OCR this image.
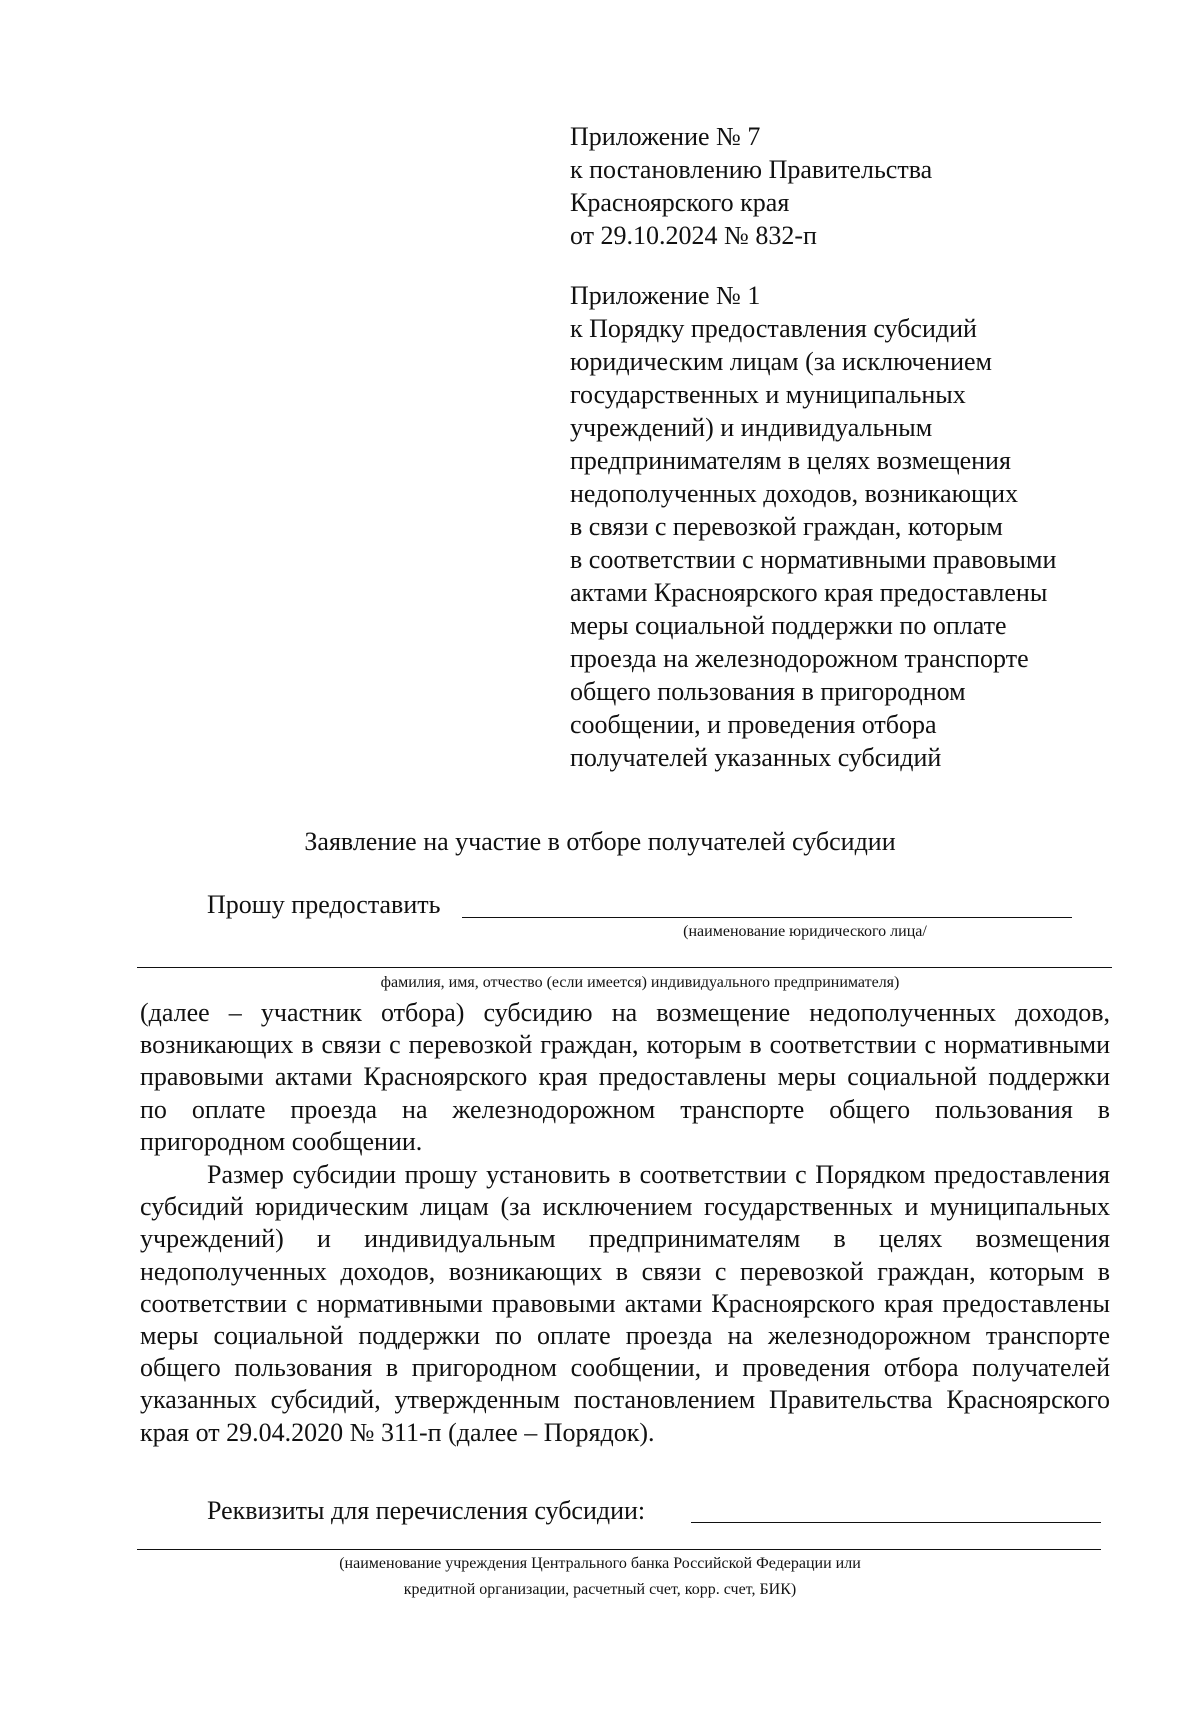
Приложение № 7

к постановлению Правительства

Красноярского края

от 29.10.2024 № 832-п

Приложение № 1

к Порядку предоставления субсидий

юридическим лицам (за исключением

государственных и муниципальных

учреждений) и индивидуальным

предпринимателям в целях возмещения

недополученных доходов, возникающих

в связи с перевозкой граждан, которым

в соответствии с нормативными правовыми

актами Красноярского края предоставлены

меры социальной поддержки по оплате

проезда на железнодорожном транспорте

общего пользования в пригородном

сообщении, и проведения отбора

получателей указанных субсидий

Заявление на участие в отборе получателей субсидии
Прошу предоставить
(наименование юридического лица/
фамилия, имя, отчество (если имеется) индивидуального предпринимателя)

(далее – участник отбора) субсидию на возмещение недополученных доходов, возникающих в связи с перевозкой граждан, которым в соответствии с нормативными правовыми актами Красноярского края предоставлены меры социальной поддержки по оплате проезда на железнодорожном транспорте общего пользования в пригородном сообщении.

Размер субсидии прошу установить в соответствии с Порядком предоставления субсидий юридическим лицам (за исключением государственных и муниципальных учреждений) и индивидуальным предпринимателям в целях возмещения недополученных доходов, возникающих в связи с перевозкой граждан, которым в соответствии с нормативными правовыми актами Красноярского края предоставлены меры социальной поддержки по оплате проезда на железнодорожном транспорте общего пользования в пригородном сообщении, и проведения отбора получателей указанных субсидий, утвержденным постановлением Правительства Красноярского края от 29.04.2020 № 311-п (далее – Порядок).

Реквизиты для перечисления субсидии:
(наименование учреждения Центрального банка Российской Федерации или
кредитной организации, расчетный счет, корр. счет, БИК)
